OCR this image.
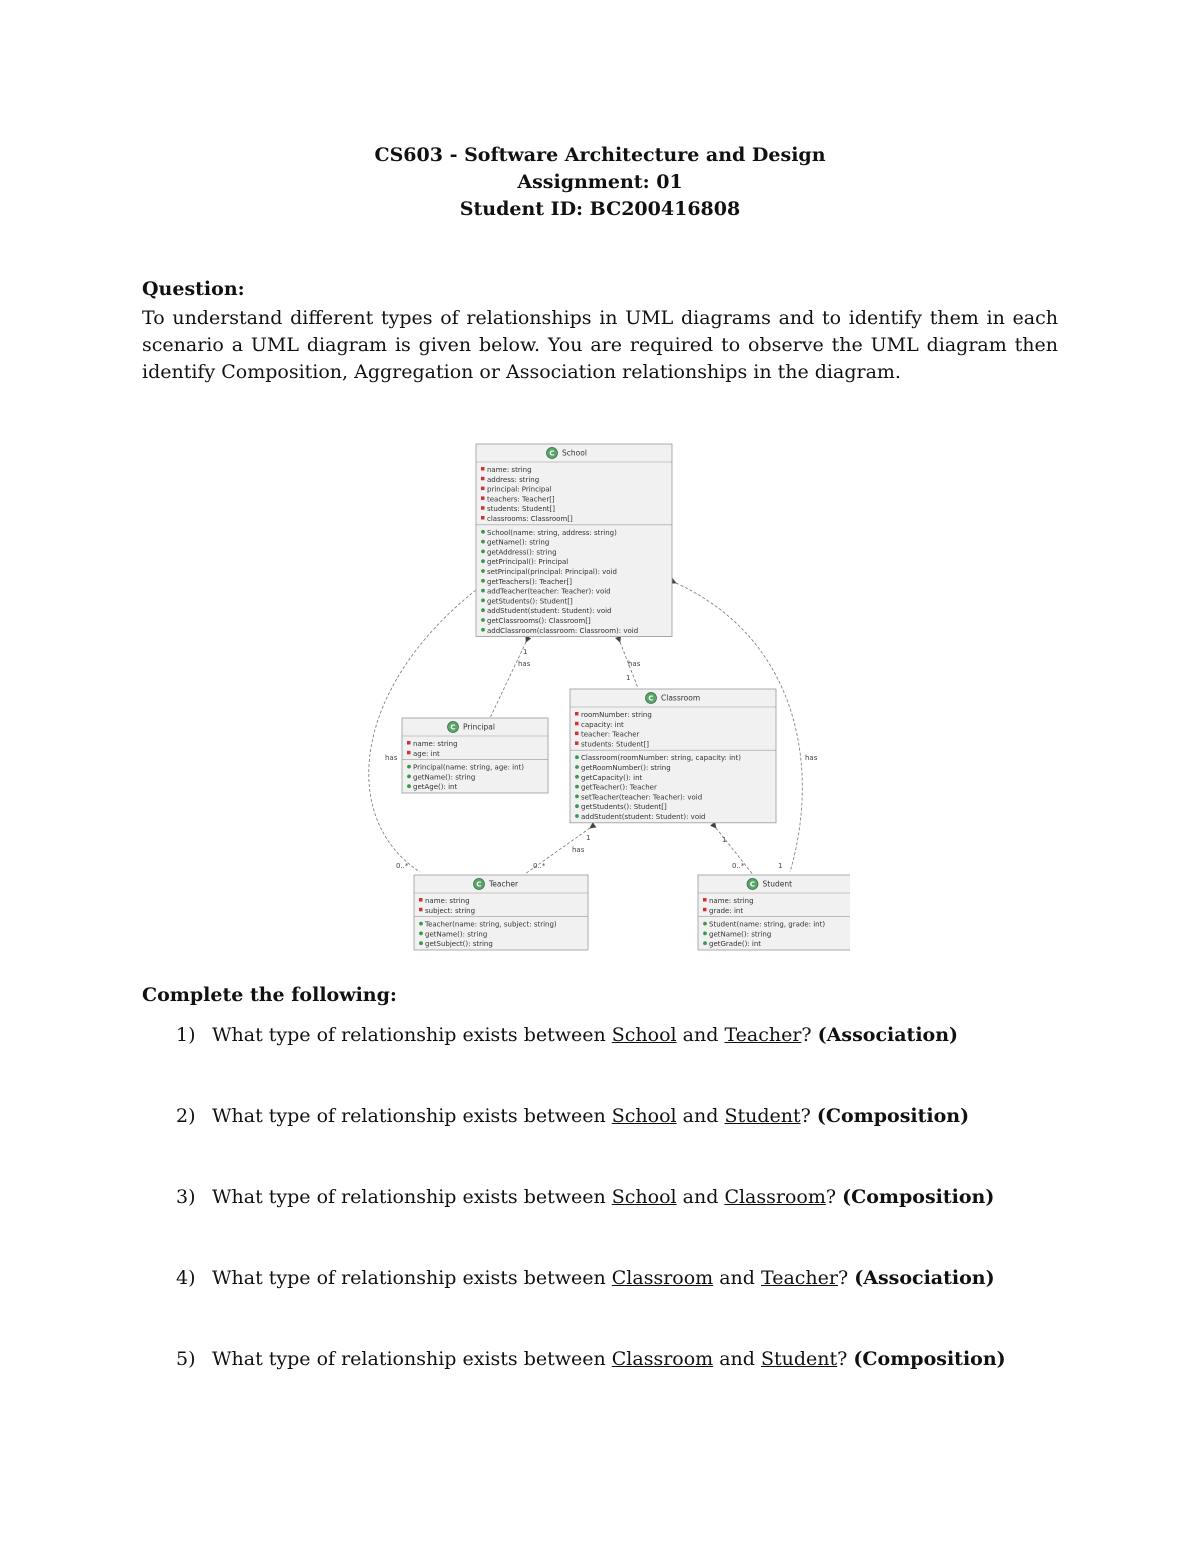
CS603 - Software Architecture and Design
Assignment: 01
Student ID: BC200416808
Question:
To understand different types of relationships in UML diagrams and to identify them in each scenario a UML diagram is given below. You are required to observe the UML diagram then identify Composition, Aggregation or Association relationships in the diagram.
has	has
has	has
has
1
1
1	1
0..*	0..*	0..*	1
C School
name: string
address: string
principal: Principal
teachers: Teacher[]
students: Student[]
classrooms: Classroom[]
School(name: string, address: string)
getName(): string
getAddress(): string
getPrincipal(): Principal
setPrincipal(principal: Principal): void
getTeachers(): Teacher[]
addTeacher(teacher: Teacher): void
getStudents(): Student[]
addStudent(student: Student): void
getClassrooms(): Classroom[]
addClassroom(classroom: Classroom): void
C Principal
name: string
age: int
Principal(name: string, age: int)
getName(): string
getAge(): int
C Classroom
roomNumber: string
capacity: int
teacher: Teacher
students: Student[]
Classroom(roomNumber: string, capacity: int)
getRoomNumber(): string
getCapacity(): int
getTeacher(): Teacher
setTeacher(teacher: Teacher): void
getStudents(): Student[]
addStudent(student: Student): void
C Teacher
name: string
subject: string
Teacher(name: string, subject: string)
getName(): string
getSubject(): string
C Student
name: string
grade: int
Student(name: string, grade: int)
getName(): string
getGrade(): int
Complete the following:
1) What type of relationship exists between School and Teacher? (Association)
2) What type of relationship exists between School and Student? (Composition)
3) What type of relationship exists between School and Classroom? (Composition)
4) What type of relationship exists between Classroom and Teacher? (Association)
5) What type of relationship exists between Classroom and Student? (Composition)
